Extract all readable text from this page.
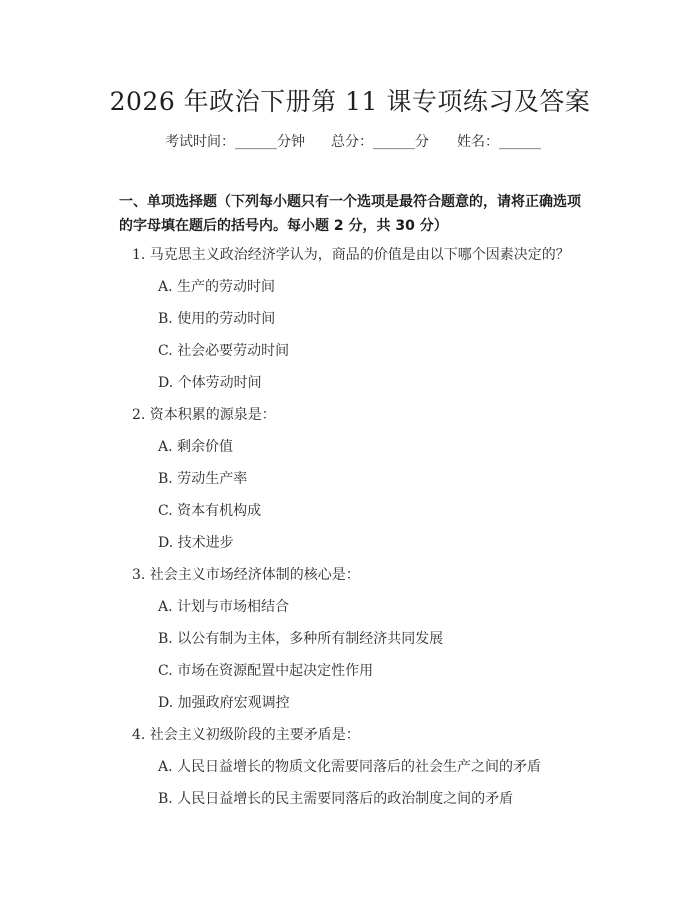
2026 年政治下册第 11 课专项练习及答案
考试时间：______分钟 总分：______分 姓名：______
一、单项选择题（下列每小题只有一个选项是最符合题意的，请将正确选项的字母填在题后的括号内。每小题 2 分，共 30 分）
1. 马克思主义政治经济学认为，商品的价值是由以下哪个因素决定的？
A. 生产的劳动时间
B. 使用的劳动时间
C. 社会必要劳动时间
D. 个体劳动时间
2. 资本积累的源泉是：
A. 剩余价值
B. 劳动生产率
C. 资本有机构成
D. 技术进步
3. 社会主义市场经济体制的核心是：
A. 计划与市场相结合
B. 以公有制为主体，多种所有制经济共同发展
C. 市场在资源配置中起决定性作用
D. 加强政府宏观调控
4. 社会主义初级阶段的主要矛盾是：
A. 人民日益增长的物质文化需要同落后的社会生产之间的矛盾
B. 人民日益增长的民主需要同落后的政治制度之间的矛盾
